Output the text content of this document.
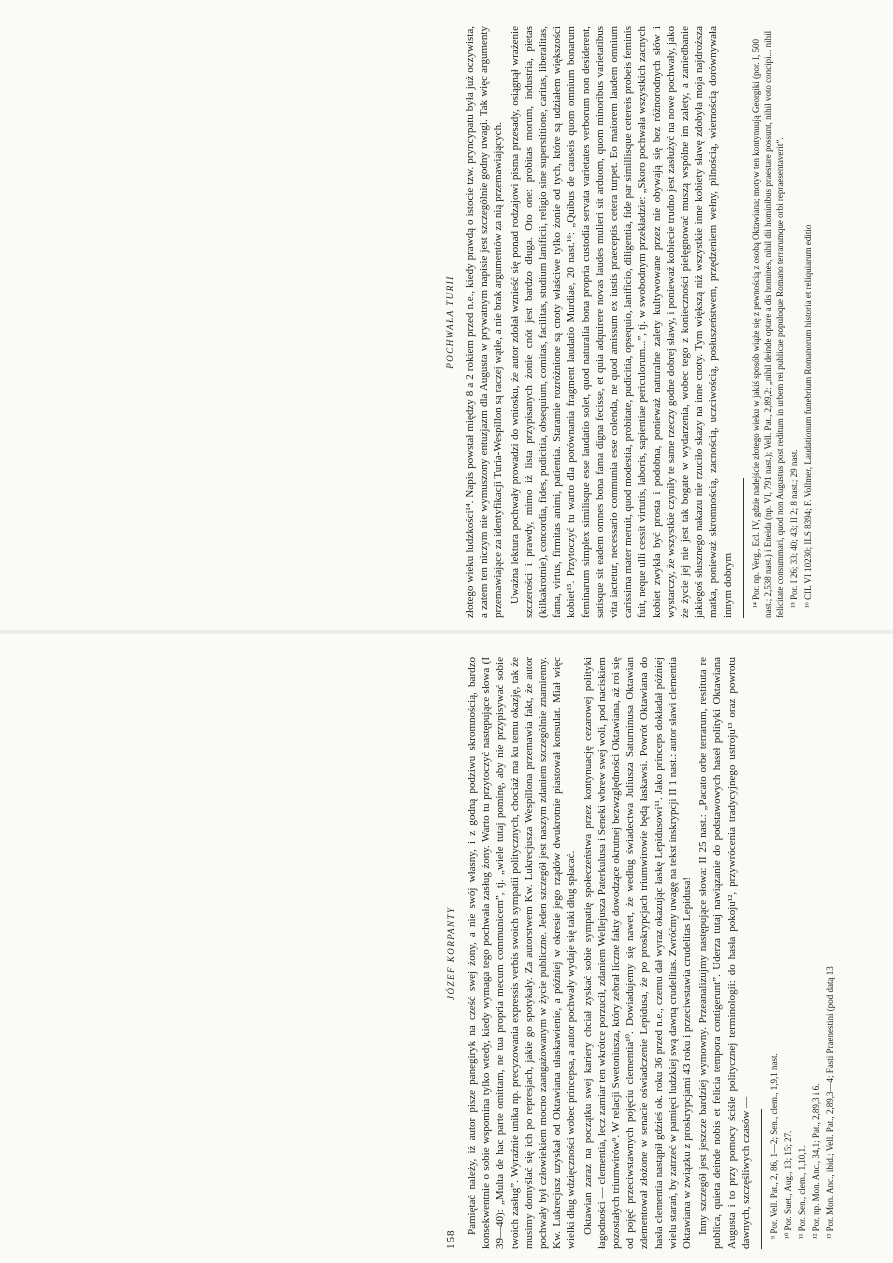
158
JÓZEF KORPANTY Pamiętać należy, iż autor pisze panegiryk na cześć swej żony, a nie swój własny, i z godną podziwu skromnością, bardzo konsekwentnie o sobie wspomina tylko wtedy, kiedy wymaga tego pochwała zasług żony. Warto tu przytoczyć następujące słowa (I 39—40): „Multa de hac parte omittam, ne tua propria mecum communicem”, tj. „wiele tutaj pominę, aby nie przypisywać sobie twoich zasług”. Wyraźnie unika np. precyzowania expressis verbis swoich sympatii politycznych, chociaż ma ku temu okazję, tak że musimy domyślać się ich po represjach, jakie go spotykały. Za autorstwem Kw. Lukrecjusza Wespillona przemawia fakt, że autor pochwały był człowiekiem mocno zaangażowanym w życie publiczne. Jeden szczegół jest naszym zdaniem szczególnie znamienny. Kw. Lukrecjusz uzyskał od Oktawiana ułaskawienie, a później w okresie jego rządów dwukrotnie piastował konsulat. Miał więc wielki dług wdzięczności wobec princepsa, a autor pochwały wydaje się taki dług spłacać. Oktawian zaraz na początku swej kariery chciał zyskać sobie sympatię społeczeństwa przez kontynuację cezarowej polityki łagodności — clementia, lecz zamiar ten wkrótce porzucił, zdaniem Wellejusza Paterkulusa i Seneki wbrew swej woli, pod naciskiem pozostałych triumwirów⁹. W relacji Swetoniusza, który zebrał liczne fakty dowodzące okrutnej bezwzględności Oktawiana, aż roi się od pojęć przeciwstawnych pojęciu clementia¹⁰. Dowiadujemy się nawet, że według świadectwa Juliusza Saturninusa Oktawian zdementował złożone w senacie oświadczenie Lepidusa, że po proskrypcjach triumwirowie będą łaskawsi. Powrót Oktawiana do hasła clementia nastąpił gdzieś ok. roku 36 przed n.e., czemu dał wyraz okazując łaskę Lepidusowi¹¹. Jako princeps dokładał później wielu starań, by zatrzeć w pamięci ludzkiej swą dawną crudelitas. Zwróćmy uwagę na tekst inskrypcji II 1 nast.: autor sławi clementia Oktawiana w związku z proskrypcjami 43 roku i przeciwstawia crudelitas Lepidusa! Inny szczegół jest jeszcze bardziej wymowny. Przeanalizujmy następujące słowa: II 25 nast.: „Pacato orbe terrarum, restituta re publica, quieta deinde nobis et felicia tempora contigerunt”. Uderza tutaj nawiązanie do podstawowych haseł polityki Oktawiana Augusta i to przy pomocy ściśle politycznej terminologii: do hasła pokoju¹², przywrócenia tradycyjnego ustroju¹³ oraz powrotu dawnych, szczęśliwych czasów — ⁹ Por. Vell. Pat., 2, 86, 1—2; Sen., clem., 1,9,1 nast. ¹⁰ Por. Suet., Aug., 13; 15; 27. ¹¹ Por. Sen., clem., 1,10,1. ¹² Por. np. Mon. Anc., 34,1; Pat., 2,89,3 i 6. ¹³ Por. Mon. Anc., ibid.; Vell. Pat., 2,89,3—4; Fasti Praenestini (pod datą 13
POCHWAŁA TURII złotego wieku ludzkości¹⁴. Napis powstał między 8 a 2 rokiem przed n.e., kiedy prawdą o istocie tzw. pryncypatu była już oczywista, a zatem ten niczym nie wymuszony entuzjazm dla Augusta w prywatnym napisie jest szczególnie godny uwagi. Tak więc argumenty przemawiające za identyfikacji Turia-Wespillon są raczej wątłe, a nie brak argumentów za nią przemawiających. Uważna lektura pochwały prowadzi do wniosku, że autor zdołał wznieść się ponad rodzajowi pisma przesady, osiągnął wrażenie szczerości i prawdy, mimo iż lista przypisanych żonie cnót jest bardzo długa. Oto one: probitas morum, industria, pietas (kilkakrotnie), concordia, fides, pudicitia, obsequium, comitas, facilitas, studium lanificii, religio sine superstitione, caritas, liberalitas, fama, virtus, firmitas animi, patientia. Staramie rozróżnione są cnoty właściwe tylko żonie od tych, które są udziałem większości kobiet¹⁵. Przytoczyć tu warto dla porównania fragment laudatio Murdiae, 20 nast.¹⁶: „Quibus de causeis quom omnium bonarum feminarum simplex similisque esse laudatio solet, quod naturalia bona propria custodia servata varietates verborum non desiderent, satisque sit eadem omnes bona fama digna fecisse, et quia adquirere novas laudes mulieri sit arduom, quom minoribus varietatibus vita iactetur, necessario communia esse colenda, ne quod amissum ex iustis praeceptis cetera turpet. Eo maiorem laudem omnium carissima mater meruit, quod modestia, probitate, pudicitia, opsequio, lanificio, diligentia, fide par simillisque cetereis probeis feminis fuit, neque ulli cessit virtutis, laboris, sapientiae periculorum...”, tj. w swobodnym przekładzie: „Skoro pochwała wszystkich zacnych kobiet zwykła być prosta i podobna, ponieważ naturalne zalety kultywowane przez nie obywają się bez różnorodnych słów i wystarczy, że wszystkie czyniły te same rzeczy godne dobrej sławy, i ponieważ kobiecie trudno jest zasłużyć na nowe pochwały, jako że życie jej nie jest tak bogate w wydarzenia, wobec tego z konieczności pielęgnować muszą wspólne im zalety, a zaniedbanie jakiegoś słusznego nakazu nie rzuciło skazy na inne cnoty. Tym większą niż wszystkie inne kobiety sławę zdobyła moja najdroższa matka, ponieważ skromnością, zacnością, uczciwością, posłuszeństwem, przędzeniem wełny, pilnością, wiernością dorównywała innym dobrym ¹⁴ Por. np. Verg., Ecl. IV, gdzie nadejście złotego wieku w jakiś sposób wiąże się z pewnością z osobą Oktawiana; motyw ten kontynuują Georgiki (por. I, 500 nast.; 2,538 nast.) i Eneida (np. VI, 791 nast.); Vell. Pat., 2,89,2: „nihil deinde optare a dis homines, nihil dii hominibus praestare possunt, nihil voto concipi... nihil felicitate consummari, quod non Augustus post reditum in urbem rei publicae populoque Romano terrarumque orbi repraesentaverit”. ¹⁵ Por. I 26; 33; 40; 43; II 2; 8 nast.; 29 nast. ¹⁶ CIL VI 10230; ILS 8394; F. Vollmer, Laudationum funebrium Romanorum historia et reliquiarum editio
